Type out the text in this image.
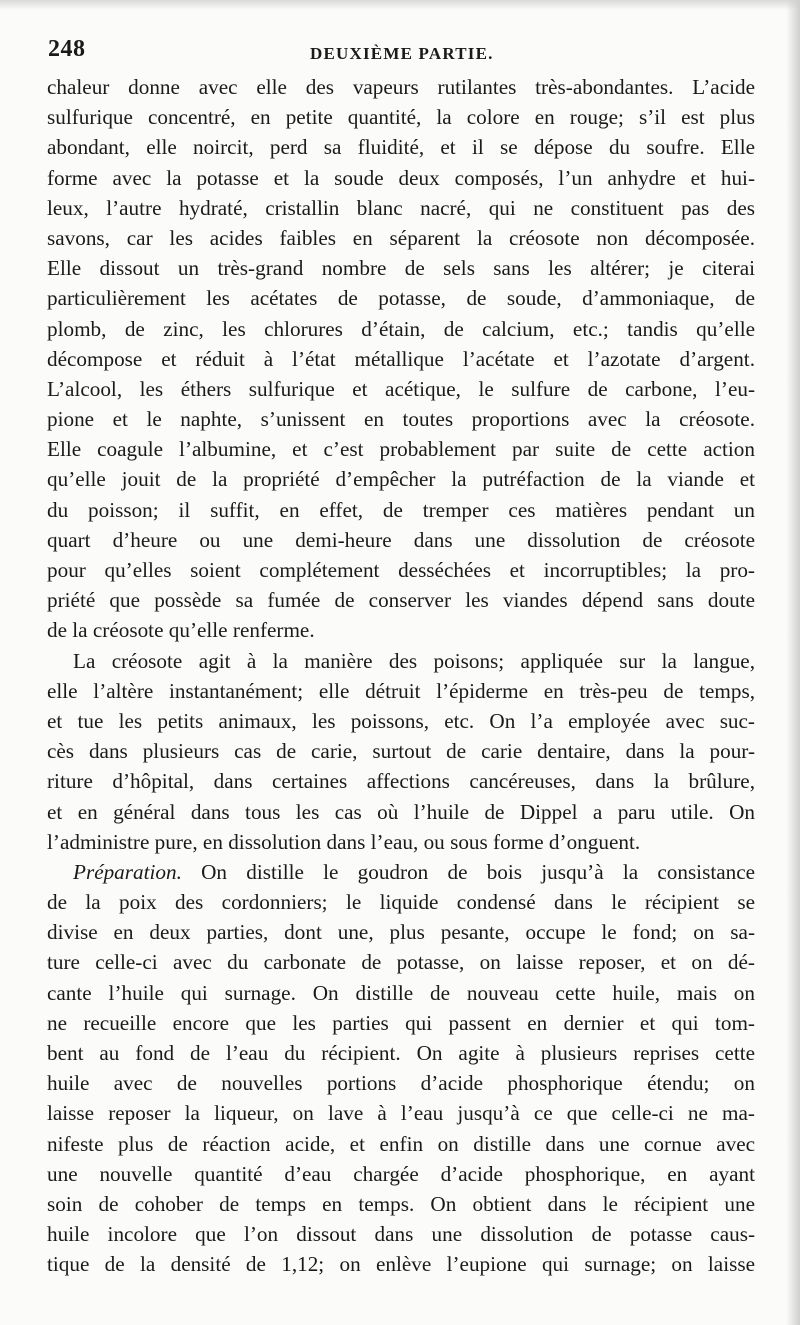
248	DEUXIÈME PARTIE.
chaleur donne avec elle des vapeurs rutilantes très-abondantes. L’acide
sulfurique concentré, en petite quantité, la colore en rouge; s’il est plus
abondant, elle noircit, perd sa fluidité, et il se dépose du soufre. Elle
forme avec la potasse et la soude deux composés, l’un anhydre et hui-
leux, l’autre hydraté, cristallin blanc nacré, qui ne constituent pas des
savons, car les acides faibles en séparent la créosote non décomposée.
Elle dissout un très-grand nombre de sels sans les altérer; je citerai
particulièrement les acétates de potasse, de soude, d’ammoniaque, de
plomb, de zinc, les chlorures d’étain, de calcium, etc.; tandis qu’elle
décompose et réduit à l’état métallique l’acétate et l’azotate d’argent.
L’alcool, les éthers sulfurique et acétique, le sulfure de carbone, l’eu-
pione et le naphte, s’unissent en toutes proportions avec la créosote.
Elle coagule l’albumine, et c’est probablement par suite de cette action
qu’elle jouit de la propriété d’empêcher la putréfaction de la viande et
du poisson; il suffit, en effet, de tremper ces matières pendant un
quart d’heure ou une demi-heure dans une dissolution de créosote
pour qu’elles soient complétement desséchées et incorruptibles; la pro-
priété que possède sa fumée de conserver les viandes dépend sans doute
de la créosote qu’elle renferme.
La créosote agit à la manière des poisons; appliquée sur la langue,
elle l’altère instantanément; elle détruit l’épiderme en très-peu de temps,
et tue les petits animaux, les poissons, etc. On l’a employée avec suc-
cès dans plusieurs cas de carie, surtout de carie dentaire, dans la pour-
riture d’hôpital, dans certaines affections cancéreuses, dans la brûlure,
et en général dans tous les cas où l’huile de Dippel a paru utile. On
l’administre pure, en dissolution dans l’eau, ou sous forme d’onguent.
Préparation. On distille le goudron de bois jusqu’à la consistance
de la poix des cordonniers; le liquide condensé dans le récipient se
divise en deux parties, dont une, plus pesante, occupe le fond; on sa-
ture celle-ci avec du carbonate de potasse, on laisse reposer, et on dé-
cante l’huile qui surnage. On distille de nouveau cette huile, mais on
ne recueille encore que les parties qui passent en dernier et qui tom-
bent au fond de l’eau du récipient. On agite à plusieurs reprises cette
huile avec de nouvelles portions d’acide phosphorique étendu; on
laisse reposer la liqueur, on lave à l’eau jusqu’à ce que celle-ci ne ma-
nifeste plus de réaction acide, et enfin on distille dans une cornue avec
une nouvelle quantité d’eau chargée d’acide phosphorique, en ayant
soin de cohober de temps en temps. On obtient dans le récipient une
huile incolore que l’on dissout dans une dissolution de potasse caus-
tique de la densité de 1,12; on enlève l’eupione qui surnage; on laisse
